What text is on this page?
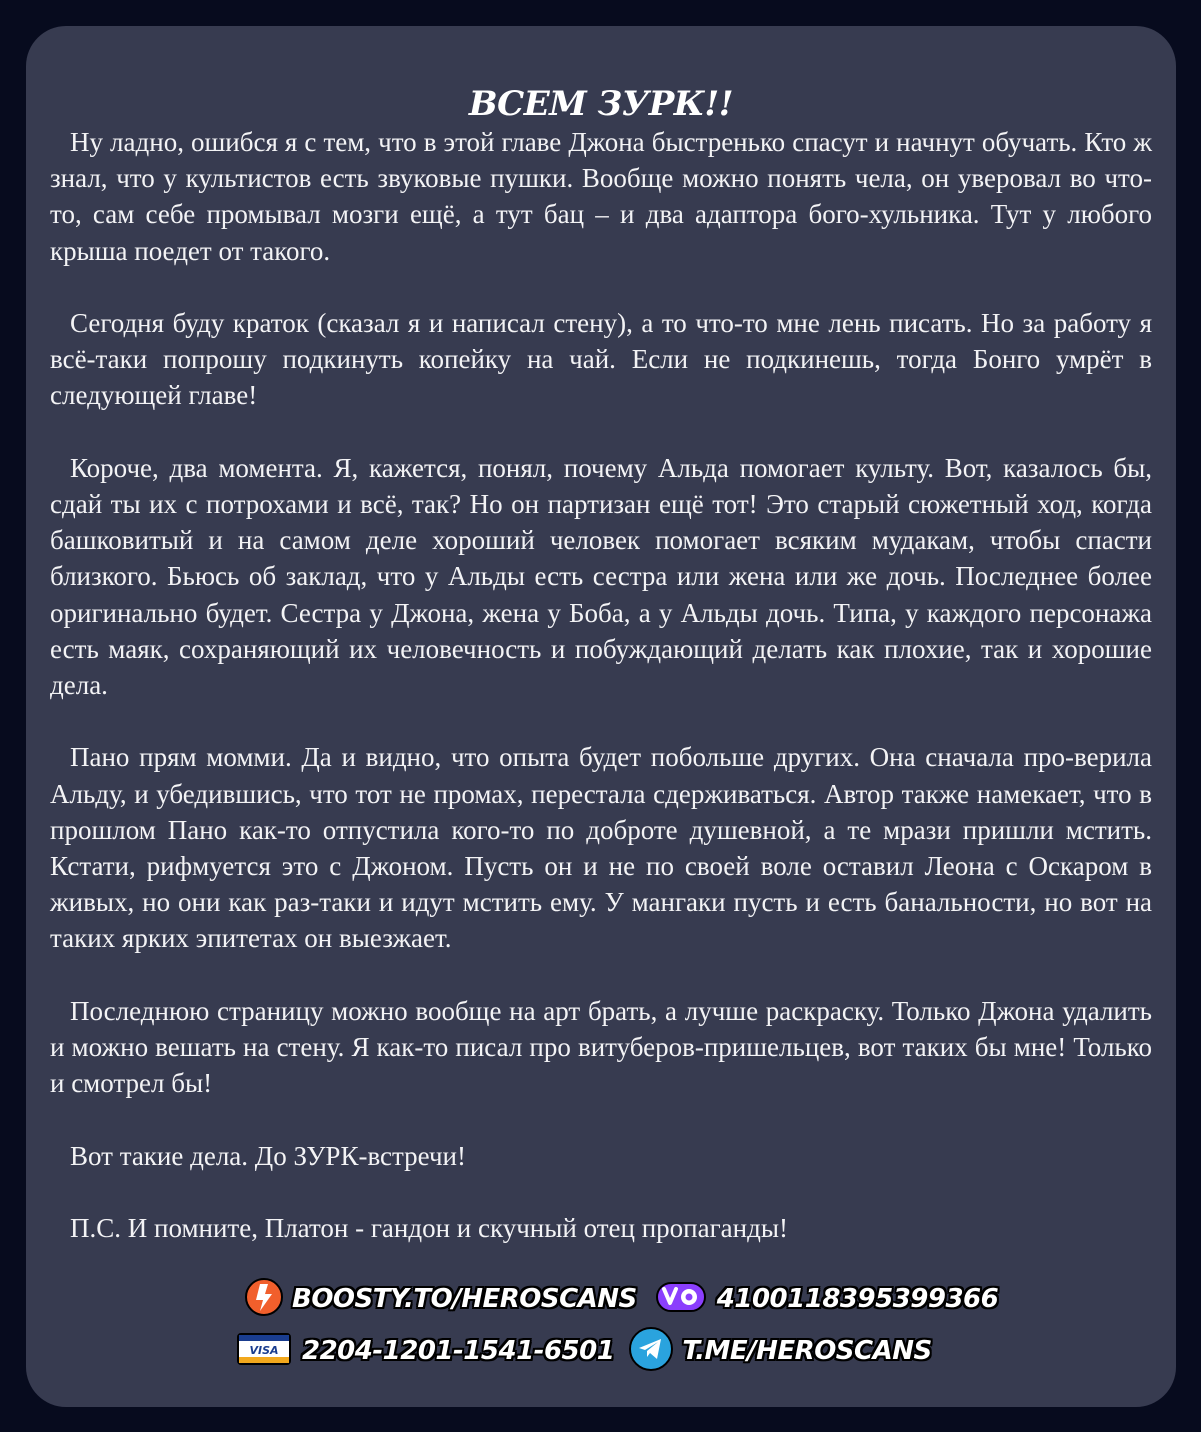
ВСЕМ ЗУРК!!

Ну ладно, ошибся я с тем, что в этой главе Джона быстренько спасут и начнут обучать. Кто ж знал, что у культистов есть звуковые пушки. Вообще можно понять чела, он уверовал во что-то, сам себе промывал мозги ещё, а тут бац – и два адаптора бого-хульника. Тут у любого крыша поедет от такого.

Сегодня буду краток (сказал я и написал стену), а то что-то мне лень писать. Но за работу я всё-таки попрошу подкинуть копейку на чай. Если не подкинешь, тогда Бонго умрёт в следующей главе!

Короче, два момента. Я, кажется, понял, почему Альда помогает культу. Вот, казалось бы, сдай ты их с потрохами и всё, так? Но он партизан ещё тот! Это старый сюжетный ход, когда башковитый и на самом деле хороший человек помогает всяким мудакам, чтобы спасти близкого. Бьюсь об заклад, что у Альды есть сестра или жена или же дочь. Последнее более оригинально будет. Сестра у Джона, жена у Боба, а у Альды дочь. Типа, у каждого персонажа есть маяк, сохраняющий их человечность и побуждающий делать как плохие, так и хорошие дела.

Пано прям момми. Да и видно, что опыта будет побольше других. Она сначала про-верила Альду, и убедившись, что тот не промах, перестала сдерживаться. Автор также намекает, что в прошлом Пано как-то отпустила кого-то по доброте душевной, а те мрази пришли мстить. Кстати, рифмуется это с Джоном. Пусть он и не по своей воле оставил Леона с Оскаром в живых, но они как раз-таки и идут мстить ему. У мангаки пусть и есть банальности, но вот на таких ярких эпитетах он выезжает.

Последнюю страницу можно вообще на арт брать, а лучше раскраску. Только Джона удалить и можно вешать на стену. Я как-то писал про витуберов-пришельцев, вот таких бы мне! Только и смотрел бы!

Вот такие дела. До ЗУРК-встречи!

П.С. И помните, Платон - гандон и скучный отец пропаганды!

BOOSTY.TO/HEROSCANS	4100118395399366
VISA 2204-1201-1541-6501	T.ME/HEROSCANS
